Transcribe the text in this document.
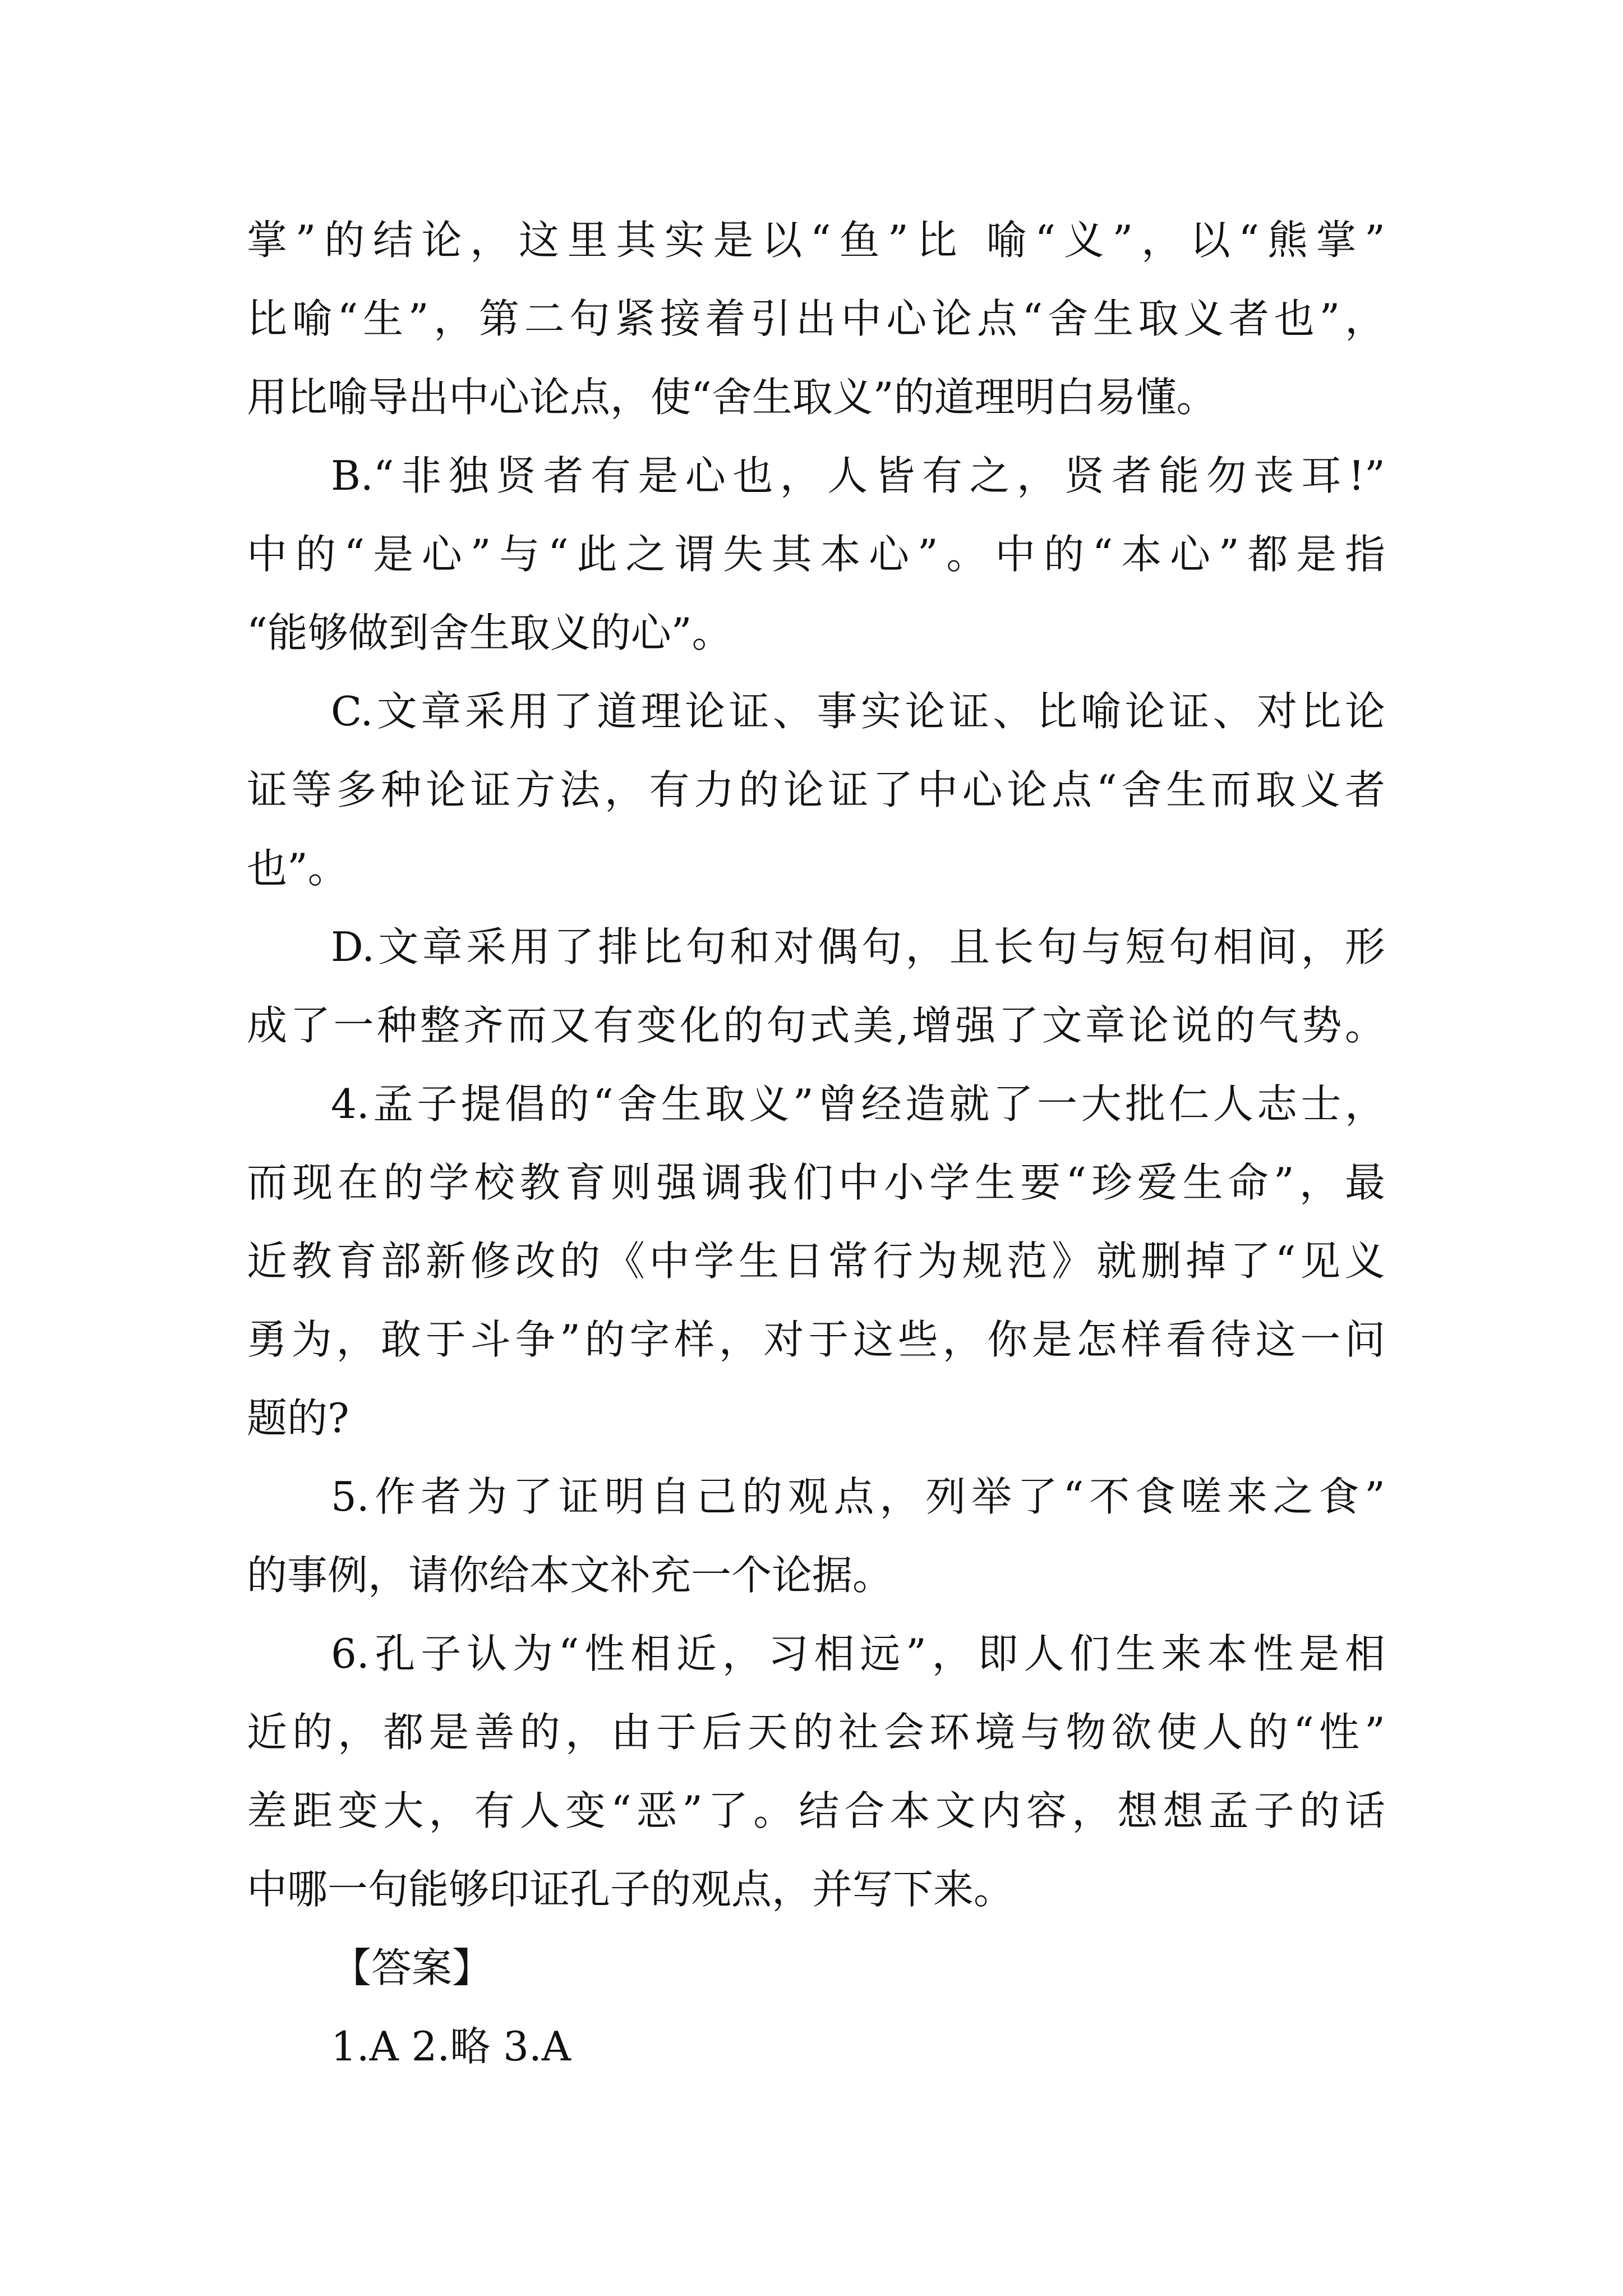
掌”的结论，这里其实是以“鱼”比 喻“义”，以“熊掌”
比喻“生”，第二句紧接着引出中心论点“舍生取义者也”，
用比喻导出中心论点，使“舍生取义”的道理明白易懂。
B.“非独贤者有是心也，人皆有之，贤者能勿丧耳!”
中的“是心”与“此之谓失其本心”。中的“本心”都是指
“能够做到舍生取义的心”。
C.文章采用了道理论证、事实论证、比喻论证、对比论
证等多种论证方法，有力的论证了中心论点“舍生而取义者
也”。
D.文章采用了排比句和对偶句，且长句与短句相间，形
成了一种整齐而又有变化的句式美,增强了文章论说的气势。
4.孟子提倡的“舍生取义”曾经造就了一大批仁人志士，
而现在的学校教育则强调我们中小学生要“珍爱生命”，最
近教育部新修改的《中学生日常行为规范》就删掉了“见义
勇为，敢于斗争”的字样，对于这些，你是怎样看待这一问
题的?
5.作者为了证明自己的观点，列举了“不食嗟来之食”
的事例，请你给本文补充一个论据。
6.孔子认为“性相近，习相远”，即人们生来本性是相
近的，都是善的，由于后天的社会环境与物欲使人的“性”
差距变大，有人变“恶”了。结合本文内容，想想孟子的话
中哪一句能够印证孔子的观点，并写下来。
【答案】
1.A 2.略 3.A
